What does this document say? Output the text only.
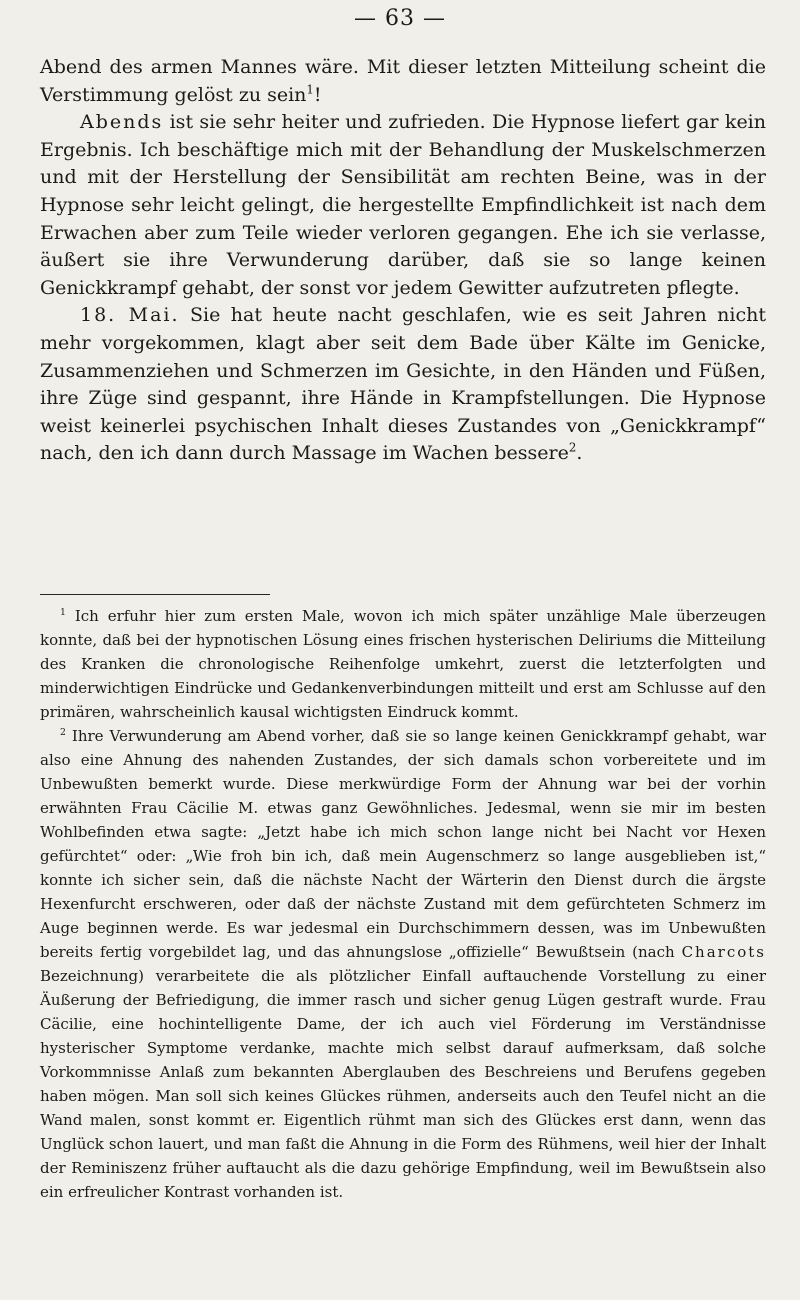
— 63 —

Abend des armen Mannes wäre. Mit dieser letzten Mitteilung scheint die Verstimmung gelöst zu sein$^1$!

Abends ist sie sehr heiter und zufrieden. Die Hypnose liefert gar kein Ergebnis. Ich beschäftige mich mit der Behandlung der Muskelschmerzen und mit der Herstellung der Sensibilität am rechten Beine, was in der Hypnose sehr leicht gelingt, die hergestellte Empfindlichkeit ist nach dem Erwachen aber zum Teile wieder verloren gegangen. Ehe ich sie verlasse, äußert sie ihre Verwunderung darüber, daß sie so lange keinen Genickkrampf gehabt, der sonst vor jedem Gewitter aufzutreten pflegte.

18. Mai. Sie hat heute nacht geschlafen, wie es seit Jahren nicht mehr vorgekommen, klagt aber seit dem Bade über Kälte im Genicke, Zusammenziehen und Schmerzen im Gesichte, in den Händen und Füßen, ihre Züge sind gespannt, ihre Hände in Krampfstellungen. Die Hypnose weist keinerlei psychischen Inhalt dieses Zustandes von „Genickkrampf“ nach, den ich dann durch Massage im Wachen bessere$^2$.

$^1$ Ich erfuhr hier zum ersten Male, wovon ich mich später unzählige Male überzeugen konnte, daß bei der hypnotischen Lösung eines frischen hysterischen Deliriums die Mitteilung des Kranken die chronologische Reihenfolge umkehrt, zuerst die letzterfolgten und minderwichtigen Eindrücke und Gedankenverbindungen mitteilt und erst am Schlusse auf den primären, wahrscheinlich kausal wichtigsten Eindruck kommt.

$^2$ Ihre Verwunderung am Abend vorher, daß sie so lange keinen Genickkrampf gehabt, war also eine Ahnung des nahenden Zustandes, der sich damals schon vorbereitete und im Unbewußten bemerkt wurde. Diese merkwürdige Form der Ahnung war bei der vorhin erwähnten Frau Cäcilie M. etwas ganz Gewöhnliches. Jedesmal, wenn sie mir im besten Wohlbefinden etwa sagte: „Jetzt habe ich mich schon lange nicht bei Nacht vor Hexen gefürchtet“ oder: „Wie froh bin ich, daß mein Augenschmerz so lange ausgeblieben ist,“ konnte ich sicher sein, daß die nächste Nacht der Wärterin den Dienst durch die ärgste Hexenfurcht erschweren, oder daß der nächste Zustand mit dem gefürchteten Schmerz im Auge beginnen werde. Es war jedesmal ein Durchschimmern dessen, was im Unbewußten bereits fertig vorgebildet lag, und das ahnungslose „offizielle“ Bewußtsein (nach Charcots Bezeichnung) verarbeitete die als plötzlicher Einfall auftauchende Vorstellung zu einer Äußerung der Befriedigung, die immer rasch und sicher genug Lügen gestraft wurde. Frau Cäcilie, eine hochintelligente Dame, der ich auch viel Förderung im Verständnisse hysterischer Symptome verdanke, machte mich selbst darauf aufmerksam, daß solche Vorkommnisse Anlaß zum bekannten Aberglauben des Beschreiens und Berufens gegeben haben mögen. Man soll sich keines Glückes rühmen, anderseits auch den Teufel nicht an die Wand malen, sonst kommt er. Eigentlich rühmt man sich des Glückes erst dann, wenn das Unglück schon lauert, und man faßt die Ahnung in die Form des Rühmens, weil hier der Inhalt der Reminiszenz früher auftaucht als die dazu gehörige Empfindung, weil im Bewußtsein also ein erfreulicher Kontrast vorhanden ist.
